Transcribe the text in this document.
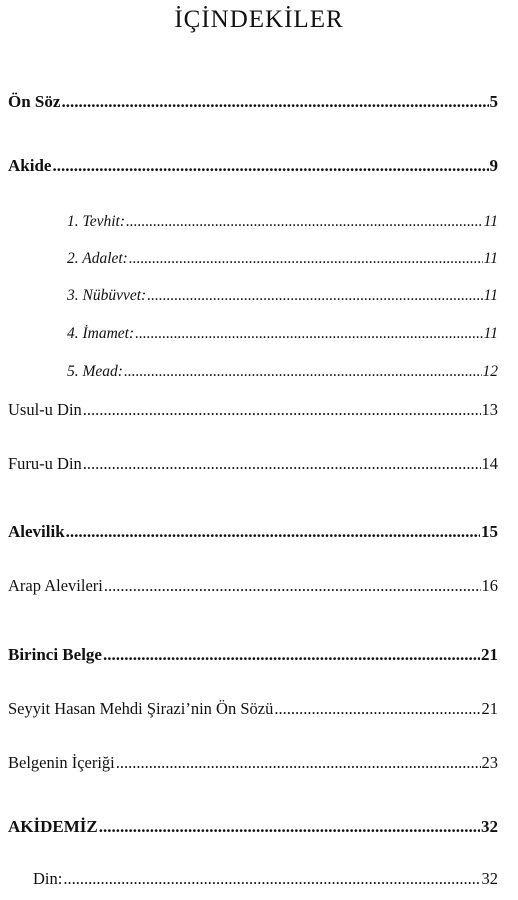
İÇİNDEKİLER
Ön Söz .....	5
Akide .....	9
1. Tevhit: .....	11
2. Adalet: .....	11
3. Nübüvvet: .....	11
4. İmamet: .....	11
5. Mead: .....	12
Usul-u Din .....	13
Furu-u Din .....	14
Alevilik .....	15
Arap Alevileri .....	16
Birinci Belge .....	21
Seyyit Hasan Mehdi Şirazi’nin Ön Sözü .....	21
Belgenin İçeriği .....	23
AKİDEMİZ .....	32
Din: .....	32
